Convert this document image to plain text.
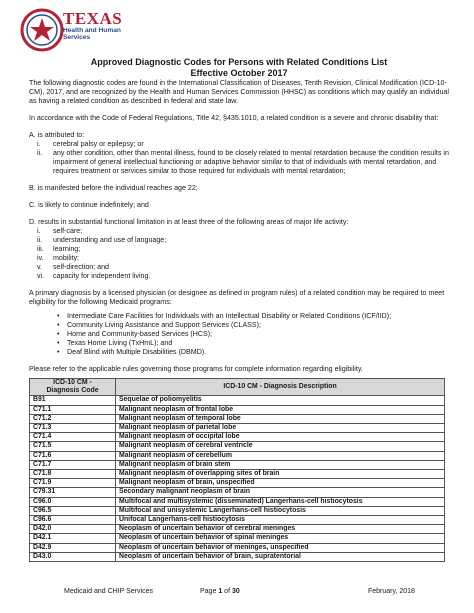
TEXAS
Health and Human
Services

Approved Diagnostic Codes for Persons with Related Conditions List

Effective October 2017

The following diagnostic codes are found in the International Classification of Diseases, Tenth Revision, Clinical Modification (ICD-10-CM), 2017, and are recognized by the Health and Human Services Commission (HHSC) as conditions which may qualify an individual as having a related condition as described in federal and state law.

In accordance with the Code of Federal Regulations, Title 42, §435.1010, a related condition is a severe and chronic disability that:

A. is attributed to:

i.	cerebral palsy or epilepsy; or
ii.	any other condition, other than mental illness, found to be closely related to mental retardation because the condition results in impairment of general intellectual functioning or adaptive behavior similar to that of individuals with mental retardation, and requires treatment or services similar to those required for individuals with mental retardation;

B. is manifested before the individual reaches age 22;

C. is likely to continue indefinitely; and

D. results in substantial functional limitation in at least three of the following areas of major life activity:

i.	self-care;
ii.	understanding and use of language;
iii.	learning;
iv.	mobility;
v.	self-direction; and
vi.	capacity for independent living.

A primary diagnosis by a licensed physician (or designee as defined in program rules) of a related condition may be required to meet eligibility for the following Medicaid programs:

•	Intermediate Care Facilities for Individuals with an Intellectual Disability or Related Conditions (ICF/IID);
•	Community Living Assistance and Support Services (CLASS);
•	Home and Community-based Services (HCS);
•	Texas Home Living (TxHmL); and
•	Deaf Blind with Multiple Disabilities (DBMD).

Please refer to the applicable rules governing those programs for complete information regarding eligibility.

ICD-10 CM -
Diagnosis Code	ICD-10 CM - Diagnosis Description
B91	Sequelae of poliomyelitis
C71.1	Malignant neoplasm of frontal lobe
C71.2	Malignant neoplasm of temporal lobe
C71.3	Malignant neoplasm of parietal lobe
C71.4	Malignant neoplasm of occipital lobe
C71.5	Malignant neoplasm of cerebral ventricle
C71.6	Malignant neoplasm of cerebellum
C71.7	Malignant neoplasm of brain stem
C71.8	Malignant neoplasm of overlapping sites of brain
C71.9	Malignant neoplasm of brain, unspecified
C79.31	Secondary malignant neoplasm of brain
C96.0	Multifocal and multisystemic (disseminated) Langerhans-cell histiocytosis
C96.5	Multifocal and unisystemic Langerhans-cell histiocytosis
C96.6	Unifocal Langerhans-cell histiocytosis
D42.0	Neoplasm of uncertain behavior of cerebral meninges
D42.1	Neoplasm of uncertain behavior of spinal meninges
D42.9	Neoplasm of uncertain behavior of meninges, unspecified
D43.0	Neoplasm of uncertain behavior of brain, supratentorial
Medicaid and CHIP Services	Page 1 of 30	February, 2018
